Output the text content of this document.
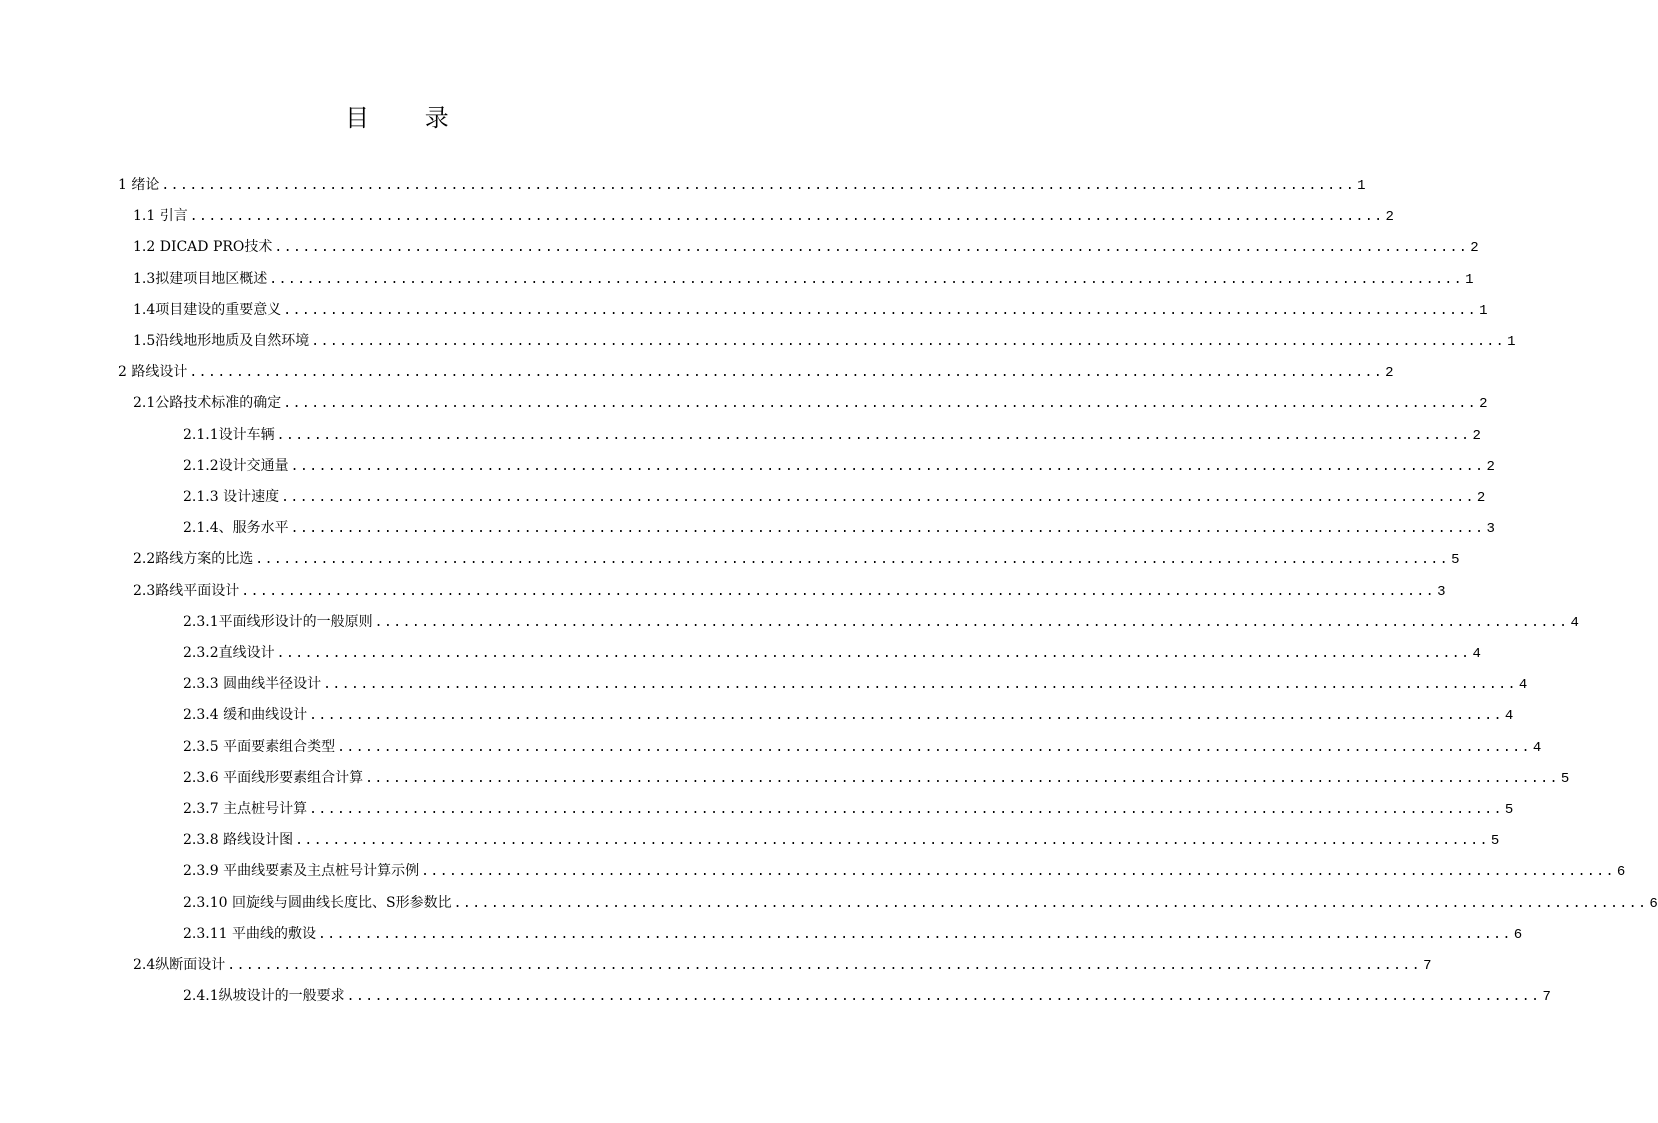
目 录
1 绪论 ................................................................................................................................ 1
1.1 引言 ................................................................................................................................ 2
1.2 DICAD PRO技术 ................................................................................................................................ 2
1.3拟建项目地区概述 ................................................................................................................................ 1
1.4项目建设的重要意义 ................................................................................................................................ 1
1.5沿线地形地质及自然环境 ................................................................................................................................ 1
2 路线设计 ................................................................................................................................ 2
2.1公路技术标准的确定 ................................................................................................................................ 2
2.1.1设计车辆 ................................................................................................................................ 2
2.1.2设计交通量 ................................................................................................................................ 2
2.1.3 设计速度 ................................................................................................................................ 2
2.1.4、服务水平 ................................................................................................................................ 3
2.2路线方案的比选 ................................................................................................................................ 5
2.3路线平面设计 ................................................................................................................................ 3
2.3.1平面线形设计的一般原则 ................................................................................................................................ 4
2.3.2直线设计 ................................................................................................................................ 4
2.3.3 圆曲线半径设计 ................................................................................................................................ 4
2.3.4 缓和曲线设计 ................................................................................................................................ 4
2.3.5 平面要素组合类型 ................................................................................................................................ 4
2.3.6 平面线形要素组合计算 ................................................................................................................................ 5
2.3.7 主点桩号计算 ................................................................................................................................ 5
2.3.8 路线设计图 ................................................................................................................................ 5
2.3.9 平曲线要素及主点桩号计算示例 ................................................................................................................................ 6
2.3.10 回旋线与圆曲线长度比、S形参数比 ................................................................................................................................ 6
2.3.11 平曲线的敷设 ................................................................................................................................ 6
2.4纵断面设计 ................................................................................................................................ 7
2.4.1纵坡设计的一般要求 ................................................................................................................................ 7
